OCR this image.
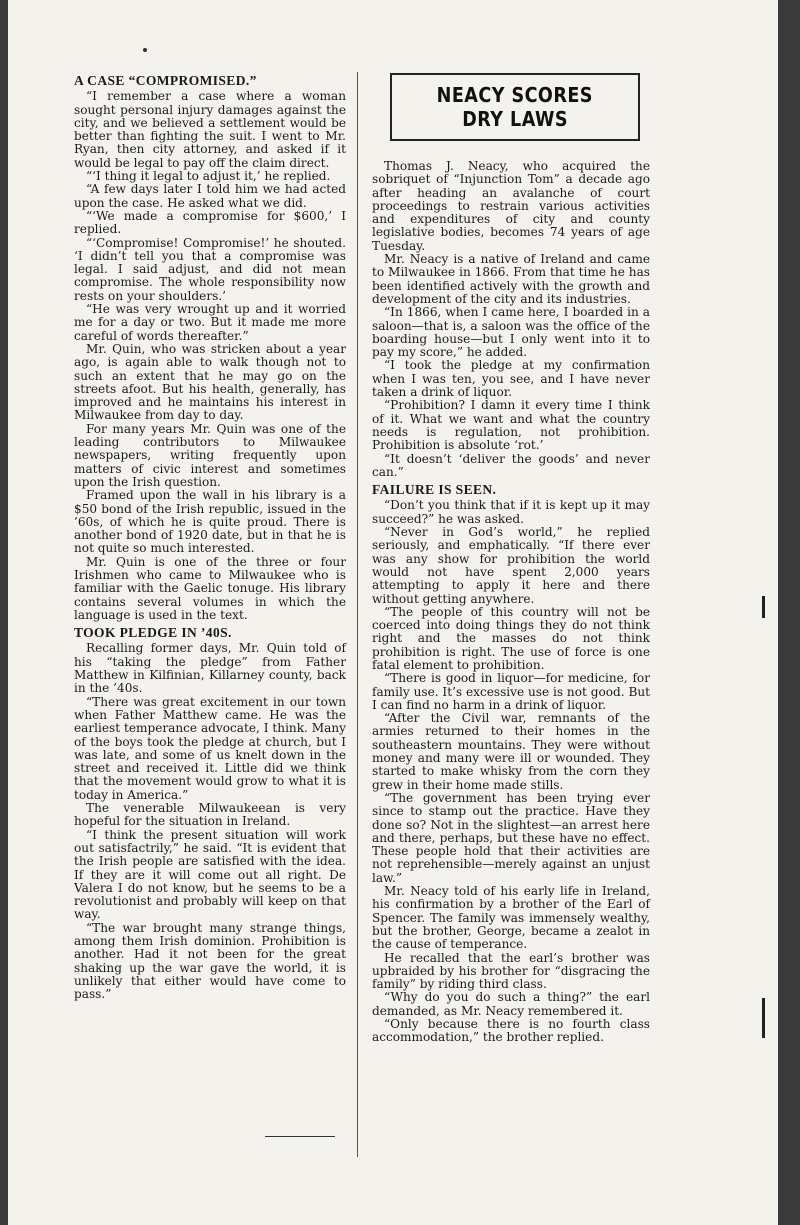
A CASE “COMPROMISED.”

“I remember a case where a woman sought personal injury damages against the city, and we believed a settlement would be better than fighting the suit. I went to Mr. Ryan, then city attorney, and asked if it would be legal to pay off the claim direct.

“‘I thing it legal to adjust it,’ he replied.

“A few days later I told him we had acted upon the case. He asked what we did.

“‘We made a compromise for $600,’ I replied.

“‘Compromise! Compromise!’ he shouted. ‘I didn’t tell you that a compromise was legal. I said adjust, and did not mean compromise. The whole responsibility now rests on your shoulders.’

“He was very wrought up and it worried me for a day or two. But it made me more careful of words thereafter.”

Mr. Quin, who was stricken about a year ago, is again able to walk though not to such an extent that he may go on the streets afoot. But his health, generally, has improved and he maintains his interest in Milwaukee from day to day.

For many years Mr. Quin was one of the leading contributors to Milwaukee newspapers, writing frequently upon matters of civic interest and sometimes upon the Irish question.

Framed upon the wall in his library is a $50 bond of the Irish republic, issued in the ’60s, of which he is quite proud. There is another bond of 1920 date, but in that he is not quite so much interested.

Mr. Quin is one of the three or four Irishmen who came to Milwaukee who is familiar with the Gaelic tonuge. His library contains several volumes in which the language is used in the text.

TOOK PLEDGE IN ’40S.

Recalling former days, Mr. Quin told of his “taking the pledge” from Father Matthew in Kilfinian, Killarney county, back in the ’40s.

“There was great excitement in our town when Father Matthew came. He was the earliest temperance advocate, I think. Many of the boys took the pledge at church, but I was late, and some of us knelt down in the street and received it. Little did we think that the movement would grow to what it is today in America.”

The venerable Milwaukeean is very hopeful for the situation in Ireland.

“I think the present situation will work out satisfactrily,” he said. “It is evident that the Irish people are satisfied with the idea. If they are it will come out all right. De Valera I do not know, but he seems to be a revolutionist and probably will keep on that way.

“The war brought many strange things, among them Irish dominion. Prohibition is another. Had it not been for the great shaking up the war gave the world, it is unlikely that either would have come to pass.”

NEACY SCORES
DRY LAWS

Thomas J. Neacy, who acquired the sobriquet of “Injunction Tom” a decade ago after heading an avalanche of court proceedings to restrain various activities and expenditures of city and county legislative bodies, becomes 74 years of age Tuesday.

Mr. Neacy is a native of Ireland and came to Milwaukee in 1866. From that time he has been identified actively with the growth and development of the city and its industries.

“In 1866, when I came here, I boarded in a saloon—that is, a saloon was the office of the boarding house—but I only went into it to pay my score,” he added.

“I took the pledge at my confirmation when I was ten, you see, and I have never taken a drink of liquor.

“Prohibition? I damn it every time I think of it. What we want and what the country needs is regulation, not prohibition. Prohibition is absolute ‘rot.’

“It doesn’t ‘deliver the goods’ and never can.”

FAILURE IS SEEN.

“Don’t you think that if it is kept up it may succeed?” he was asked.

“Never in God’s world,” he replied seriously, and emphatically. “If there ever was any show for prohibition the world would not have spent 2,000 years attempting to apply it here and there without getting anywhere.

“The people of this country will not be coerced into doing things they do not think right and the masses do not think prohibition is right. The use of force is one fatal element to prohibition.

“There is good in liquor—for medicine, for family use. It’s excessive use is not good. But I can find no harm in a drink of liquor.

“After the Civil war, remnants of the armies returned to their homes in the southeastern mountains. They were without money and many were ill or wounded. They started to make whisky from the corn they grew in their home made stills.

“The government has been trying ever since to stamp out the practice. Have they done so? Not in the slightest—an arrest here and there, perhaps, but these have no effect. These people hold that their activities are not reprehensible—merely against an unjust law.”

Mr. Neacy told of his early life in Ireland, his confirmation by a brother of the Earl of Spencer. The family was immensely wealthy, but the brother, George, became a zealot in the cause of temperance.

He recalled that the earl’s brother was upbraided by his brother for “disgracing the family” by riding third class.

“Why do you do such a thing?” the earl demanded, as Mr. Neacy remembered it.

“Only because there is no fourth class accommodation,” the brother replied.
